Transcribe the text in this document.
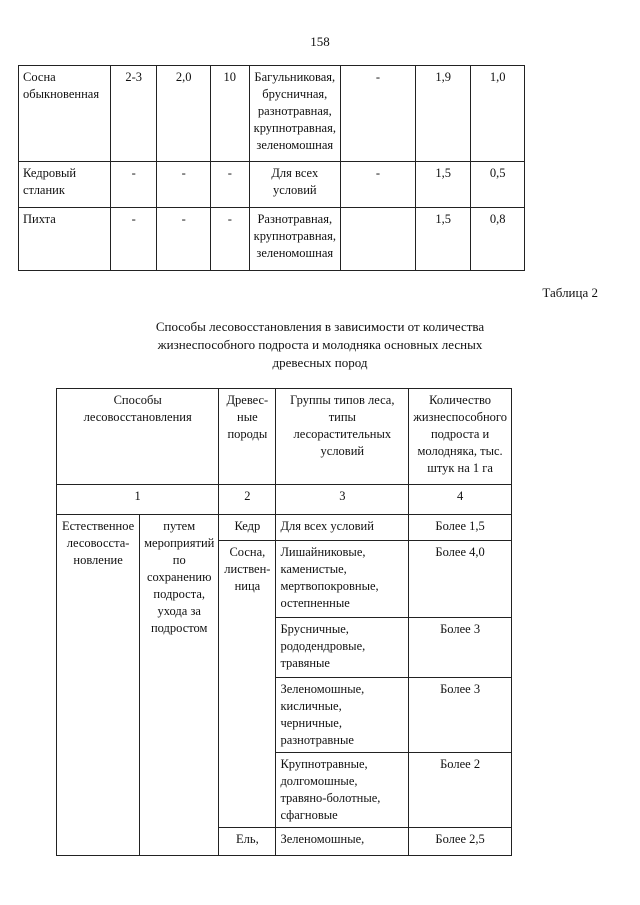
158
Сосна обыкновенная	2-3	2,0	10	Багульниковая, брусничная, разнотравная, крупнотравная, зеленомошная	-	1,9	1,0
Кедровый стланик	-	-	-	Для всех условий	-	1,5	0,5
Пихта	-	-	-	Разнотравная, крупнотравная, зеленомошная		1,5	0,8
Таблица 2
Способы лесовосстановления в зависимости от количества жизнеспособного подроста и молодняка основных лесных древесных пород
Способы лесовосстановления		Древес-ные породы	Группы типов леса, типы лесорастительных условий	Количество жизнеспособного подроста и молодняка, тыс. штук на 1 га
1		2	3	4
Естественное лесовосста-новление	путем мероприятий по сохранению подроста, ухода за подростом	Кедр	Для всех условий	Более 1,5
		Сосна, листвен-ница	Лишайниковые, каменистые, мертвопокровные, остепненные	Более 4,0
			Брусничные, рододендровые, травяные	Более 3
			Зеленомошные, кисличные, черничные, разнотравные	Более 3
			Крупнотравные, долгомошные, травяно-болотные, сфагновые	Более 2
		Ель,	Зеленомошные,	Более 2,5
